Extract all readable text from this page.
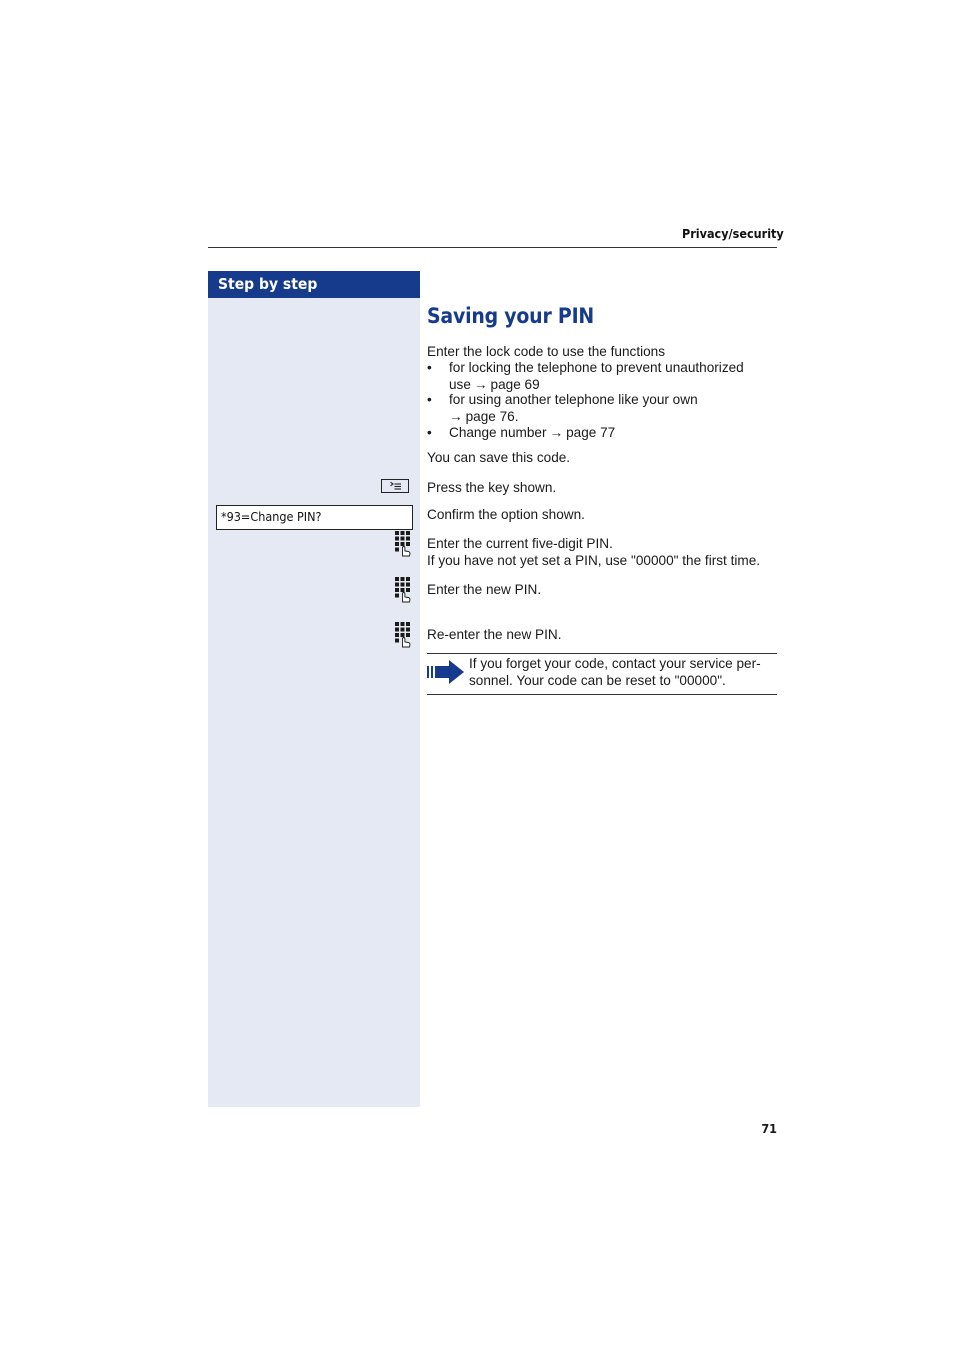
Privacy/security
Step by step
Saving your PIN
Enter the lock code to use the functions
• for locking the telephone to prevent unauthorized
use → page 69
• for using another telephone like your own
→ page 76.
• Change number → page 77
You can save this code.
Press the key shown.
*93=Change PIN?	Confirm the option shown.
Enter the current five-digit PIN.
If you have not yet set a PIN, use "00000" the first time.
Enter the new PIN.
Re-enter the new PIN.
If you forget your code, contact your service per-
sonnel. Your code can be reset to "00000".
71
